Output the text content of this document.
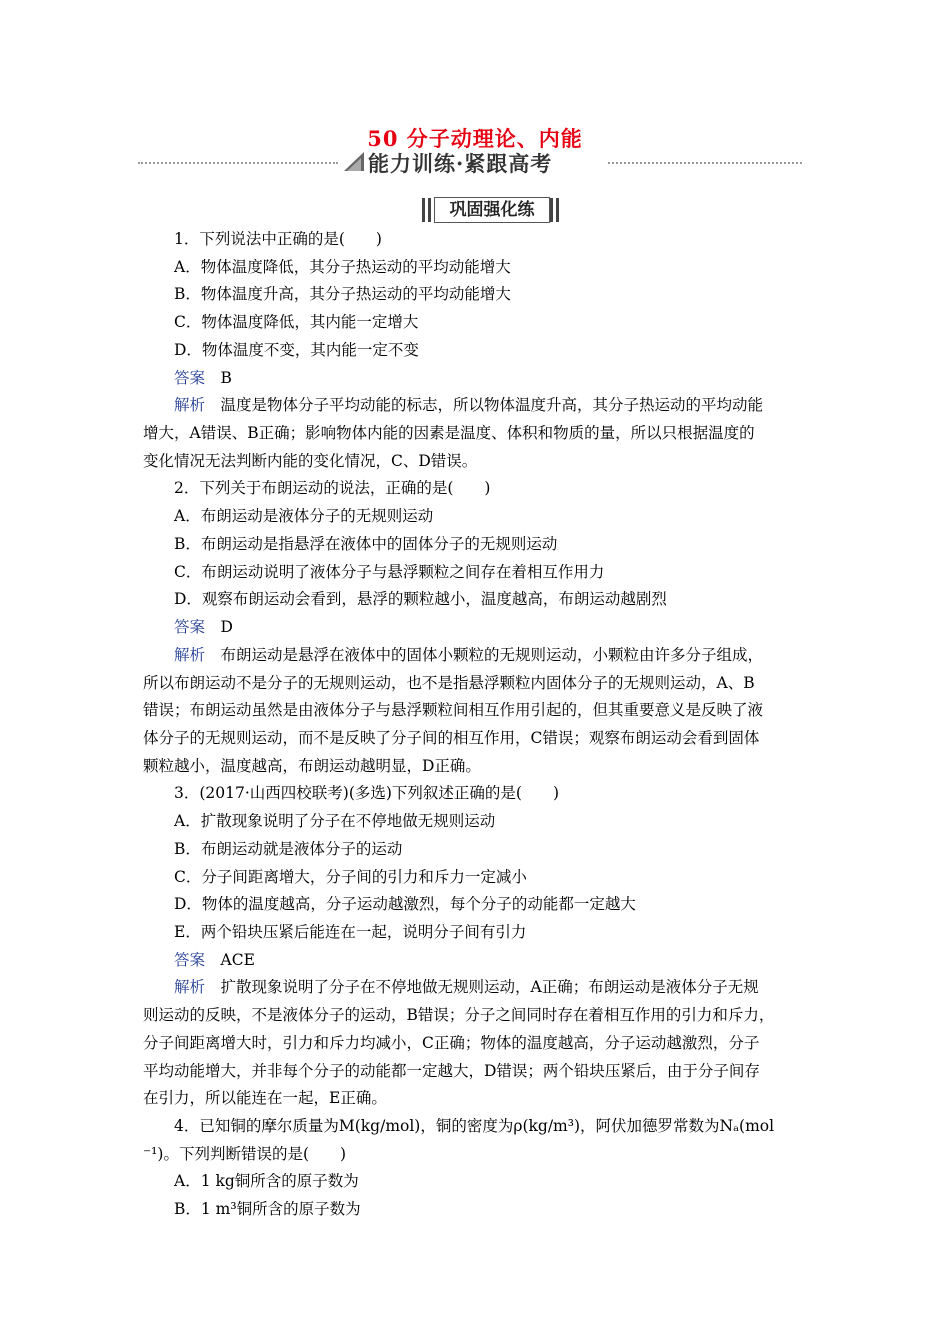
50 分子动理论、内能
能力训练·紧跟高考
巩固强化练
1．下列说法中正确的是(　　)
A．物体温度降低，其分子热运动的平均动能增大
B．物体温度升高，其分子热运动的平均动能增大
C．物体温度降低，其内能一定增大
D．物体温度不变，其内能一定不变
答案　B
解析　温度是物体分子平均动能的标志，所以物体温度升高，其分子热运动的平均动能
增大，A错误、B正确；影响物体内能的因素是温度、体积和物质的量，所以只根据温度的
变化情况无法判断内能的变化情况，C、D错误。
2．下列关于布朗运动的说法，正确的是(　　)
A．布朗运动是液体分子的无规则运动
B．布朗运动是指悬浮在液体中的固体分子的无规则运动
C．布朗运动说明了液体分子与悬浮颗粒之间存在着相互作用力
D．观察布朗运动会看到，悬浮的颗粒越小，温度越高，布朗运动越剧烈
答案　D
解析　布朗运动是悬浮在液体中的固体小颗粒的无规则运动，小颗粒由许多分子组成，
所以布朗运动不是分子的无规则运动，也不是指悬浮颗粒内固体分子的无规则运动，A、B
错误；布朗运动虽然是由液体分子与悬浮颗粒间相互作用引起的，但其重要意义是反映了液
体分子的无规则运动，而不是反映了分子间的相互作用，C错误；观察布朗运动会看到固体
颗粒越小，温度越高，布朗运动越明显，D正确。
3．(2017·山西四校联考)(多选)下列叙述正确的是(　　)
A．扩散现象说明了分子在不停地做无规则运动
B．布朗运动就是液体分子的运动
C．分子间距离增大，分子间的引力和斥力一定减小
D．物体的温度越高，分子运动越激烈，每个分子的动能都一定越大
E．两个铅块压紧后能连在一起，说明分子间有引力
答案　ACE
解析　扩散现象说明了分子在不停地做无规则运动，A正确；布朗运动是液体分子无规
则运动的反映，不是液体分子的运动，B错误；分子之间同时存在着相互作用的引力和斥力，
分子间距离增大时，引力和斥力均减小，C正确；物体的温度越高，分子运动越激烈，分子
平均动能增大，并非每个分子的动能都一定越大，D错误；两个铅块压紧后，由于分子间存
在引力，所以能连在一起，E正确。
4．已知铜的摩尔质量为M(kg/mol)，铜的密度为ρ(kg/m³)，阿伏加德罗常数为Nₐ(mol
⁻¹)。下列判断错误的是(　　)
A．1 kg铜所含的原子数为
B．1 m³铜所含的原子数为
